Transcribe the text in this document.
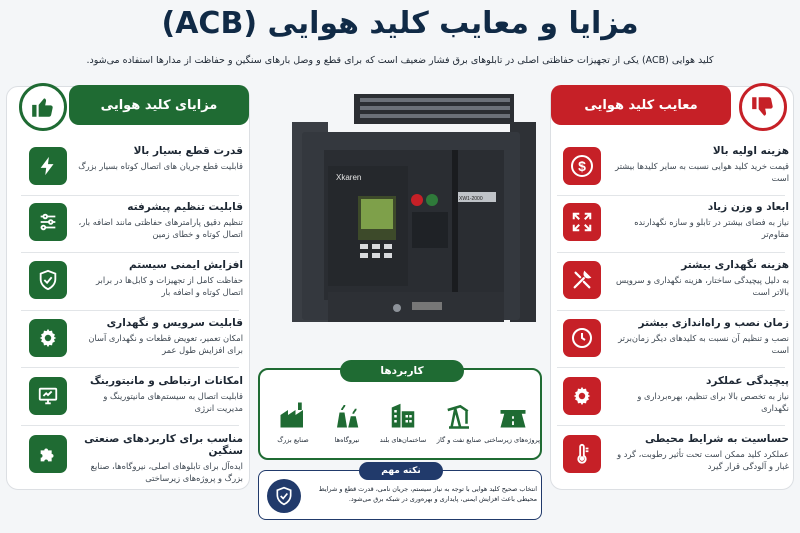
مزایا و معایب کلید هوایی (ACB)
کلید هوایی (ACB) یکی از تجهیزات حفاظتی اصلی در تابلوهای برق فشار ضعیف است که برای قطع و وصل بارهای سنگین و حفاظت از مدارها استفاده می‌شود.
مزایای کلید هوایی
قدرت قطع بسیار بالا
قابلیت قطع جریان های اتصال کوتاه بسیار بزرگ
قابلیت تنظیم پیشرفته
تنظیم دقیق پارامترهای حفاظتی مانند اضافه بار، اتصال کوتاه و خطای زمین
افزایش ایمنی سیستم
حفاظت کامل از تجهیزات و کابل‌ها در برابر اتصال کوتاه و اضافه بار
قابلیت سرویس و نگهداری
امکان تعمیر، تعویض قطعات و نگهداری آسان برای افزایش طول عمر
امکانات ارتباطی و مانیتورینگ
قابلیت اتصال به سیستم‌های مانیتورینگ و مدیریت انرژی
مناسب برای کاربردهای صنعتی سنگین
ایده‌آل برای تابلوهای اصلی، نیروگاه‌ها، صنایع بزرگ و پروژه‌های زیرساختی
معایب کلید هوایی
$
هزینه اولیه بالا
قیمت خرید کلید هوایی نسبت به سایر کلیدها بیشتر است
ابعاد و وزن زیاد
نیاز به فضای بیشتر در تابلو و سازه نگهدارنده مقاوم‌تر
هزینه نگهداری بیشتر
به دلیل پیچیدگی ساختار، هزینه نگهداری و سرویس بالاتر است
زمان نصب و راه‌اندازی بیشتر
نصب و تنظیم آن نسبت به کلیدهای دیگر زمان‌برتر است
پیچیدگی عملکرد
نیاز به تخصص بالا برای تنظیم، بهره‌برداری و نگهداری
حساسیت به شرایط محیطی
عملکرد کلید ممکن است تحت تأثیر رطوبت، گرد و غبار و آلودگی قرار گیرد
Xkaren
XW1-2000
کاربردها
پروژه‌های زیرساختی
صنایع نفت و گاز
ساختمان‌های بلند
نیروگاه‌ها
صنایع بزرگ
نکته مهم
انتخاب صحیح کلید هوایی با توجه به نیاز سیستم، جریان نامی، قدرت قطع و شرایط محیطی باعث افزایش ایمنی، پایداری و بهره‌وری در شبکه برق می‌شود.
